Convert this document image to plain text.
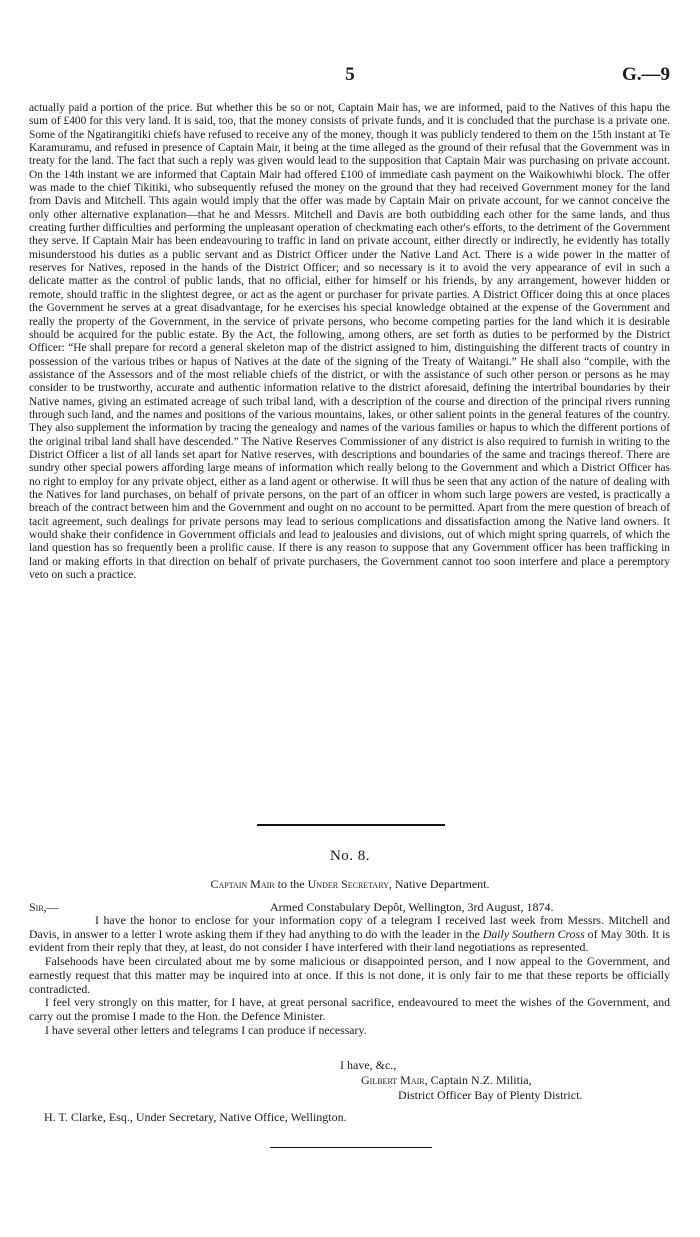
5	G.—9

actually paid a portion of the price. But whether this be so or not, Captain Mair has, we are informed, paid to the Natives of this hapu the sum of £400 for this very land. It is said, too, that the money consists of private funds, and it is concluded that the purchase is a private one. Some of the Ngatirangitiki chiefs have refused to receive any of the money, though it was publicly tendered to them on the 15th instant at Te Karamuramu, and refused in presence of Captain Mair, it being at the time alleged as the ground of their refusal that the Government was in treaty for the land. The fact that such a reply was given would lead to the supposition that Captain Mair was purchasing on private account. On the 14th instant we are informed that Captain Mair had offered £100 of immediate cash payment on the Waikowhiwhi block. The offer was made to the chief Tikitiki, who subsequently refused the money on the ground that they had received Government money for the land from Davis and Mitchell. This again would imply that the offer was made by Captain Mair on private account, for we cannot conceive the only other alternative explanation—that he and Messrs. Mitchell and Davis are both outbidding each other for the same lands, and thus creating further difficulties and performing the unpleasant operation of checkmating each other's efforts, to the detriment of the Government they serve. If Captain Mair has been endeavouring to traffic in land on private account, either directly or indirectly, he evidently has totally misunderstood his duties as a public servant and as District Officer under the Native Land Act. There is a wide power in the matter of reserves for Natives, reposed in the hands of the District Officer; and so necessary is it to avoid the very appearance of evil in such a delicate matter as the control of public lands, that no official, either for himself or his friends, by any arrangement, however hidden or remote, should traffic in the slightest degree, or act as the agent or purchaser for private parties. A District Officer doing this at once places the Government he serves at a great disadvantage, for he exercises his special knowledge obtained at the expense of the Government and really the property of the Government, in the service of private persons, who become competing parties for the land which it is desirable should be acquired for the public estate. By the Act, the following, among others, are set forth as duties to be performed by the District Officer: “He shall prepare for record a general skeleton map of the district assigned to him, distinguishing the different tracts of country in possession of the various tribes or hapus of Natives at the date of the signing of the Treaty of Waitangi.” He shall also “compile, with the assistance of the Assessors and of the most reliable chiefs of the district, or with the assistance of such other person or persons as he may consider to be trustworthy, accurate and authentic information relative to the district aforesaid, defining the intertribal boundaries by their Native names, giving an estimated acreage of such tribal land, with a description of the course and direction of the principal rivers running through such land, and the names and positions of the various mountains, lakes, or other salient points in the general features of the country. They also supplement the information by tracing the genealogy and names of the various families or hapus to which the different portions of the original tribal land shall have descended.” The Native Reserves Commissioner of any district is also required to furnish in writing to the District Officer a list of all lands set apart for Native reserves, with descriptions and boundaries of the same and tracings thereof. There are sundry other special powers affording large means of information which really belong to the Government and which a District Officer has no right to employ for any private object, either as a land agent or otherwise. It will thus be seen that any action of the nature of dealing with the Natives for land purchases, on behalf of private persons, on the part of an officer in whom such large powers are vested, is practically a breach of the contract between him and the Government and ought on no account to be permitted. Apart from the mere question of breach of tacit agreement, such dealings for private persons may lead to serious complications and dissatisfaction among the Native land owners. It would shake their confidence in Government officials and lead to jealousies and divisions, out of which might spring quarrels, of which the land question has so frequently been a prolific cause. If there is any reason to suppose that any Government officer has been trafficking in land or making efforts in that direction on behalf of private purchasers, the Government cannot too soon interfere and place a peremptory veto on such a practice.

No. 8.
Captain Mair to the Under Secretary, Native Department.
Sir,—	Armed Constabulary Depôt, Wellington, 3rd August, 1874.

I have the honor to enclose for your information copy of a telegram I received last week from Messrs. Mitchell and Davis, in answer to a letter I wrote asking them if they had anything to do with the leader in the Daily Southern Cross of May 30th. It is evident from their reply that they, at least, do not consider I have interfered with their land negotiations as represented.

Falsehoods have been circulated about me by some malicious or disappointed person, and I now appeal to the Government, and earnestly request that this matter may be inquired into at once. If this is not done, it is only fair to me that these reports be officially contradicted.

I feel very strongly on this matter, for I have, at great personal sacrifice, endeavoured to meet the wishes of the Government, and carry out the promise I made to the Hon. the Defence Minister.

I have several other letters and telegrams I can produce if necessary.

I have, &c.,
Gilbert Mair, Captain N.Z. Militia,
District Officer Bay of Plenty District.
H. T. Clarke, Esq., Under Secretary, Native Office, Wellington.
